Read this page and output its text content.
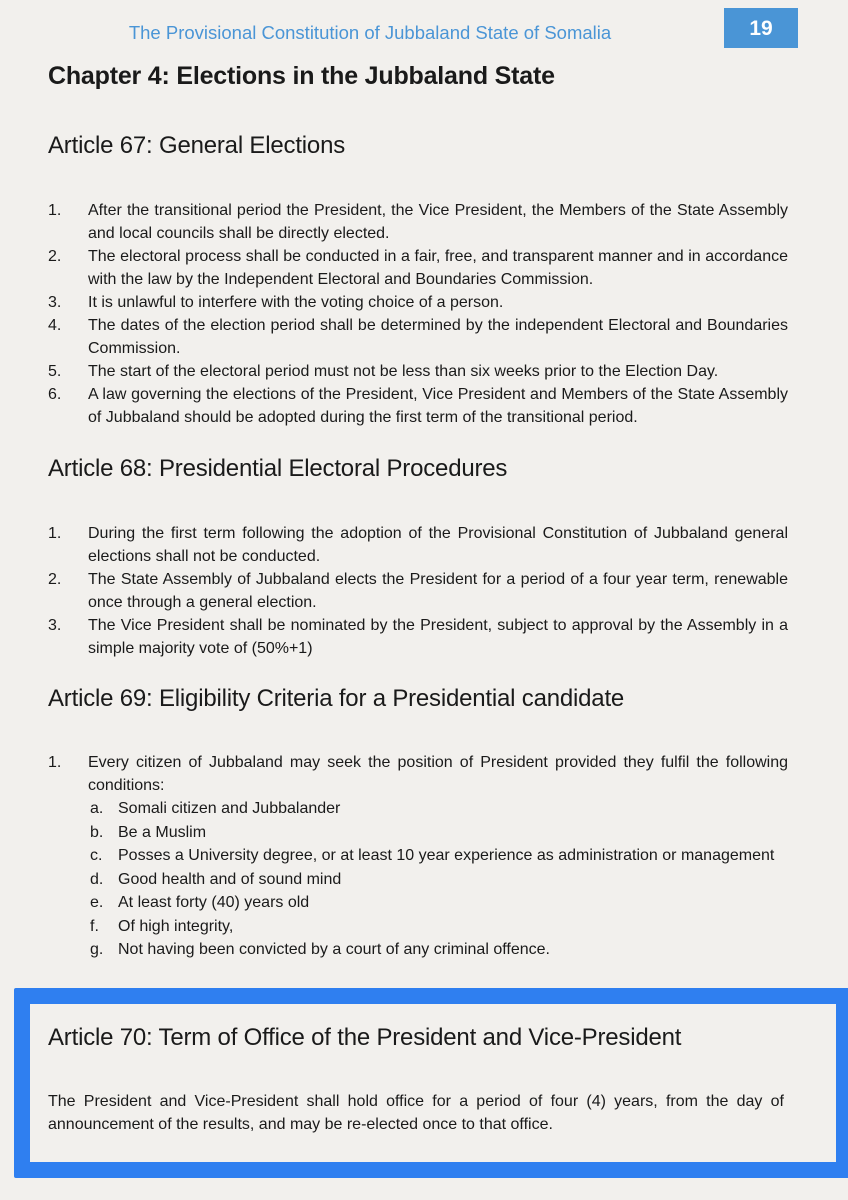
The Provisional Constitution of Jubbaland State of Somalia	19
Chapter 4: Elections in the Jubbaland State
Article 67: General Elections
1. After the transitional period the President, the Vice President, the Members of the State Assembly and local councils shall be directly elected.
2. The electoral process shall be conducted in a fair, free, and transparent manner and in accordance with the law by the Independent Electoral and Boundaries Commission.
3. It is unlawful to interfere with the voting choice of a person.
4. The dates of the election period shall be determined by the independent Electoral and Boundaries Commission.
5. The start of the electoral period must not be less than six weeks prior to the Election Day.
6. A law governing the elections of the President, Vice President and Members of the State Assembly of Jubbaland should be adopted during the first term of the transitional period.
Article 68: Presidential Electoral Procedures
1. During the first term following the adoption of the Provisional Constitution of Jubbaland general elections shall not be conducted.
2. The State Assembly of Jubbaland elects the President for a period of a four year term, renewable once through a general election.
3. The Vice President shall be nominated by the President, subject to approval by the Assembly in a simple majority vote of (50%+1)
Article 69: Eligibility Criteria for a Presidential candidate
1. Every citizen of Jubbaland may seek the position of President provided they fulfil the following conditions:
a. Somali citizen and Jubbalander
b. Be a Muslim
c. Posses a University degree, or at least 10 year experience as administration or management
d. Good health and of sound mind
e. At least forty (40) years old
f. Of high integrity,
g. Not having been convicted by a court of any criminal offence.
Article 70: Term of Office of the President and Vice-President

The President and Vice-President shall hold office for a period of four (4) years, from the day of announcement of the results, and may be re-elected once to that office.
